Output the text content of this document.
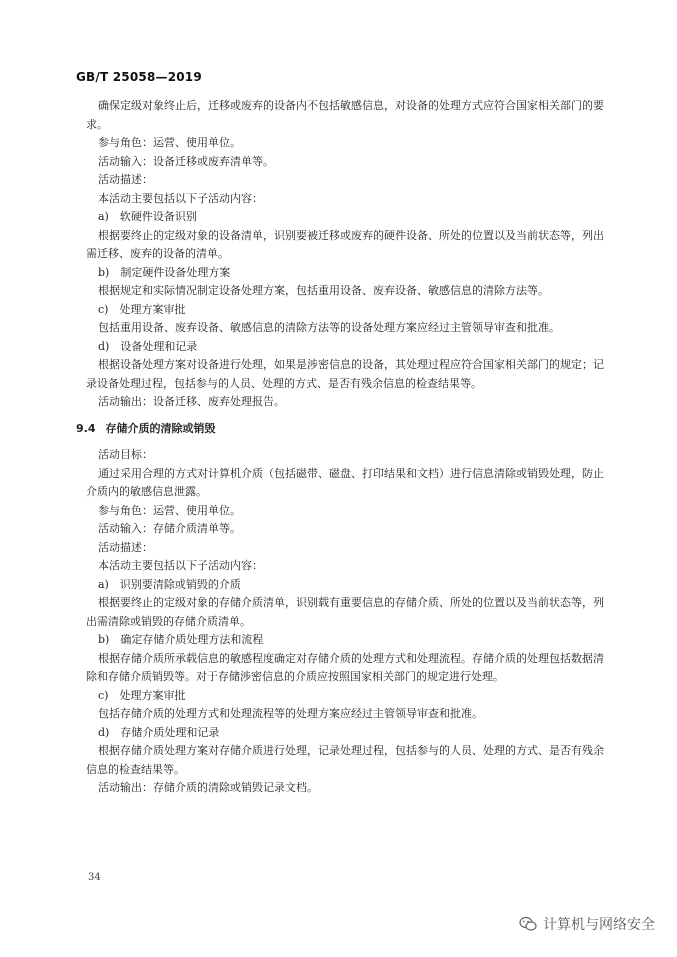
GB/T 25058—2019

确保定级对象终止后，迁移或废弃的设备内不包括敏感信息，对设备的处理方式应符合国家相关部门的要求。

参与角色：运营、使用单位。

活动输入：设备迁移或废弃清单等。

活动描述：

本活动主要包括以下子活动内容：

a)　软硬件设备识别

根据要终止的定级对象的设备清单，识别要被迁移或废弃的硬件设备、所处的位置以及当前状态等，列出需迁移、废弃的设备的清单。

b)　制定硬件设备处理方案

根据规定和实际情况制定设备处理方案，包括重用设备、废弃设备、敏感信息的清除方法等。

c)　处理方案审批

包括重用设备、废弃设备、敏感信息的清除方法等的设备处理方案应经过主管领导审查和批准。

d)　设备处理和记录

根据设备处理方案对设备进行处理，如果是涉密信息的设备，其处理过程应符合国家相关部门的规定；记录设备处理过程，包括参与的人员、处理的方式、是否有残余信息的检查结果等。

活动输出：设备迁移、废弃处理报告。

9.4 存储介质的清除或销毁

活动目标：

通过采用合理的方式对计算机介质（包括磁带、磁盘、打印结果和文档）进行信息清除或销毁处理，防止介质内的敏感信息泄露。

参与角色：运营、使用单位。

活动输入：存储介质清单等。

活动描述：

本活动主要包括以下子活动内容：

a)　识别要清除或销毁的介质

根据要终止的定级对象的存储介质清单，识别载有重要信息的存储介质、所处的位置以及当前状态等，列出需清除或销毁的存储介质清单。

b)　确定存储介质处理方法和流程

根据存储介质所承载信息的敏感程度确定对存储介质的处理方式和处理流程。存储介质的处理包括数据清除和存储介质销毁等。对于存储涉密信息的介质应按照国家相关部门的规定进行处理。

c)　处理方案审批

包括存储介质的处理方式和处理流程等的处理方案应经过主管领导审查和批准。

d)　存储介质处理和记录

根据存储介质处理方案对存储介质进行处理，记录处理过程，包括参与的人员、处理的方式、是否有残余信息的检查结果等。

活动输出：存储介质的清除或销毁记录文档。

34
计算机与网络安全
